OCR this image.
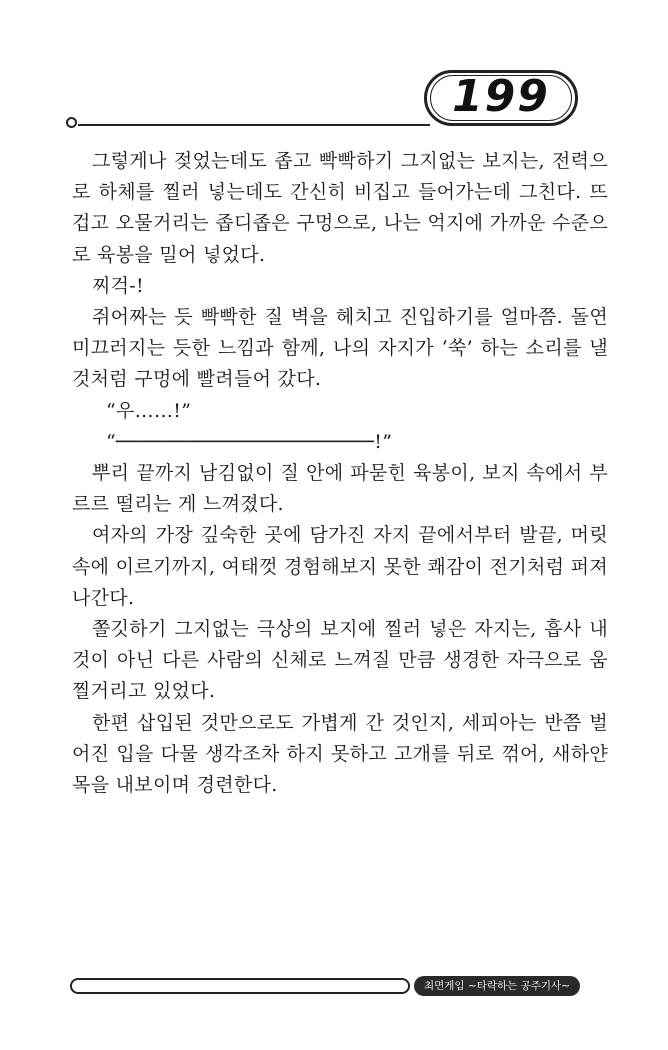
199

그렇게나 젖었는데도 좁고 빡빡하기 그지없는 보지는, 전력으로 하체를 찔러 넣는데도 간신히 비집고 들어가는데 그친다. 뜨겁고 오물거리는 좁디좁은 구멍으로, 나는 억지에 가까운 수준으로 육봉을 밀어 넣었다.

찌걱-!

쥐어짜는 듯 빡빡한 질 벽을 헤치고 진입하기를 얼마쯤. 돌연 미끄러지는 듯한 느낌과 함께, 나의 자지가 ‘쑥’ 하는 소리를 낼 것처럼 구멍에 빨려들어 갔다.

“우……!”

“──────────────────────!”

뿌리 끝까지 남김없이 질 안에 파묻힌 육봉이, 보지 속에서 부르르 떨리는 게 느껴졌다.

여자의 가장 깊숙한 곳에 담가진 자지 끝에서부터 발끝, 머릿속에 이르기까지, 여태껏 경험해보지 못한 쾌감이 전기처럼 퍼져나간다.

쫄깃하기 그지없는 극상의 보지에 찔러 넣은 자지는, 흡사 내 것이 아닌 다른 사람의 신체로 느껴질 만큼 생경한 자극으로 움찔거리고 있었다.

한편 삽입된 것만으로도 가볍게 간 것인지, 세피아는 반쯤 벌어진 입을 다물 생각조차 하지 못하고 고개를 뒤로 꺾어, 새하얀 목을 내보이며 경련한다.

최면게임 ~타락하는 공주기사~
